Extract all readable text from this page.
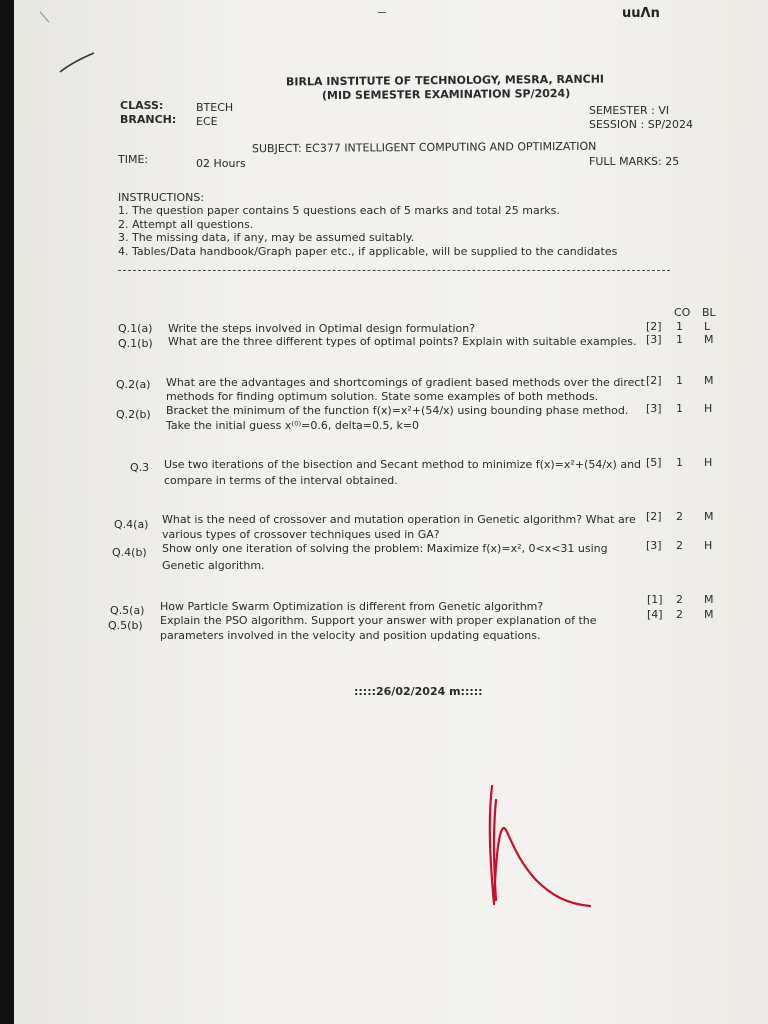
uuΛn
BIRLA INSTITUTE OF TECHNOLOGY, MESRA, RANCHI
(MID SEMESTER EXAMINATION SP/2024)
CLASS:	BTECH
BRANCH: ECE
SEMESTER : VI
SESSION : SP/2024
SUBJECT: EC377 INTELLIGENT COMPUTING AND OPTIMIZATION
TIME:	02 Hours	FULL MARKS: 25
INSTRUCTIONS:
1. The question paper contains 5 questions each of 5 marks and total 25 marks.
2. Attempt all questions.
3. The missing data, if any, may be assumed suitably.
4. Tables/Data handbook/Graph paper etc., if applicable, will be supplied to the candidates
CO BL
Q.1(a) Write the steps involved in Optimal design formulation?	[2] 1 L
Q.1(b) What are the three different types of optimal points? Explain with suitable examples. [3] 1 M
Q.2(a) What are the advantages and shortcomings of gradient based methods over the direct
methods for finding optimum solution. State some examples of both methods.
[2] 1 M
Q.2(b) Bracket the minimum of the function f(x)=x²+(54/x) using bounding phase method.
Take the initial guess x⁽⁰⁾=0.6, delta=0.5, k=0
[3] 1 H
Q.3 Use two iterations of the bisection and Secant method to minimize f(x)=x²+(54/x) and
compare in terms of the interval obtained.
[5] 1 H
Q.4(a) What is the need of crossover and mutation operation in Genetic algorithm? What are
various types of crossover techniques used in GA?
[2] 2 M
Q.4(b) Show only one iteration of solving the problem: Maximize f(x)=x², 0<x<31 using
Genetic algorithm.
[3] 2 H
Q.5(a) How Particle Swarm Optimization is different from Genetic algorithm?
[1] 2 M
Q.5(b) Explain the PSO algorithm. Support your answer with proper explanation of the
parameters involved in the velocity and position updating equations.
[4] 2 M
:::::26/02/2024 m:::::
